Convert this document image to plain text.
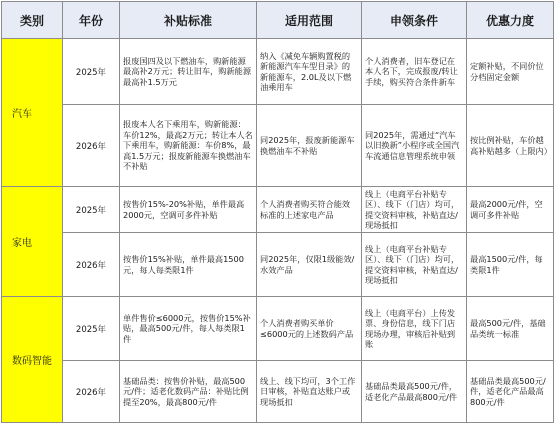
类别	年份	补贴标准	适用范围	申领条件	优惠力度
汽车	2025年	报废国四及以下燃油车，购新能源最高补2万元；转让旧车，购新能源最高补1.5万元	纳入《减免车辆购置税的新能源汽车车型目录》的新能源车，2.0L及以下燃油乘用车	个人消费者，旧车登记在本人名下，完成报废/转让手续，购买符合条件新车	定额补贴，不同价位分档固定金额
	2026年	报废本人名下乘用车，购新能源：车价12%，最高2万元；转让本人名下乘用车，购新能源：车价8%，最高1.5万元；报废新能源车换燃油车不补贴	同2025年，报废新能源车换燃油车不补贴	同2025年，需通过“汽车以旧换新”小程序或全国汽车流通信息管理系统申领	按比例补贴，车价越高补贴越多（上限内）
家电	2025年	按售价15%-20%补贴，单件最高2000元，空调可多件补贴	个人消费者购买符合能效标准的上述家电产品	线上（电商平台补贴专区）、线下（门店）均可，提交资料审核，补贴直达/现场抵扣	最高2000元/件，空调可多件补贴
	2026年	按售价15%补贴，单件最高1500元，每人每类限1件	同2025年，仅限1级能效/水效产品	线上（电商平台补贴专区）、线下（门店）均可，提交资料审核，补贴直达/现场抵扣	最高1500元/件，每类限1件
数码智能	2025年	单件售价≤6000元，按售价15%补贴，最高500元/件，每人每类限1件	个人消费者购买单价≤6000元的上述数码产品	线上（电商平台）上传发票、身份信息，线下门店现场办理，审核后补贴到账	最高500元/件，基础品类统一标准
	2026年	基础品类：按售价补贴，最高500元/件；适老化数码产品：补贴比例提至20%，最高800元/件	线上、线下均可，3个工作日审核，补贴直达账户或现场抵扣	基础品类最高500元/件，适老化产品最高800元/件	基础品类最高500元/件，适老化产品最高800元/件
